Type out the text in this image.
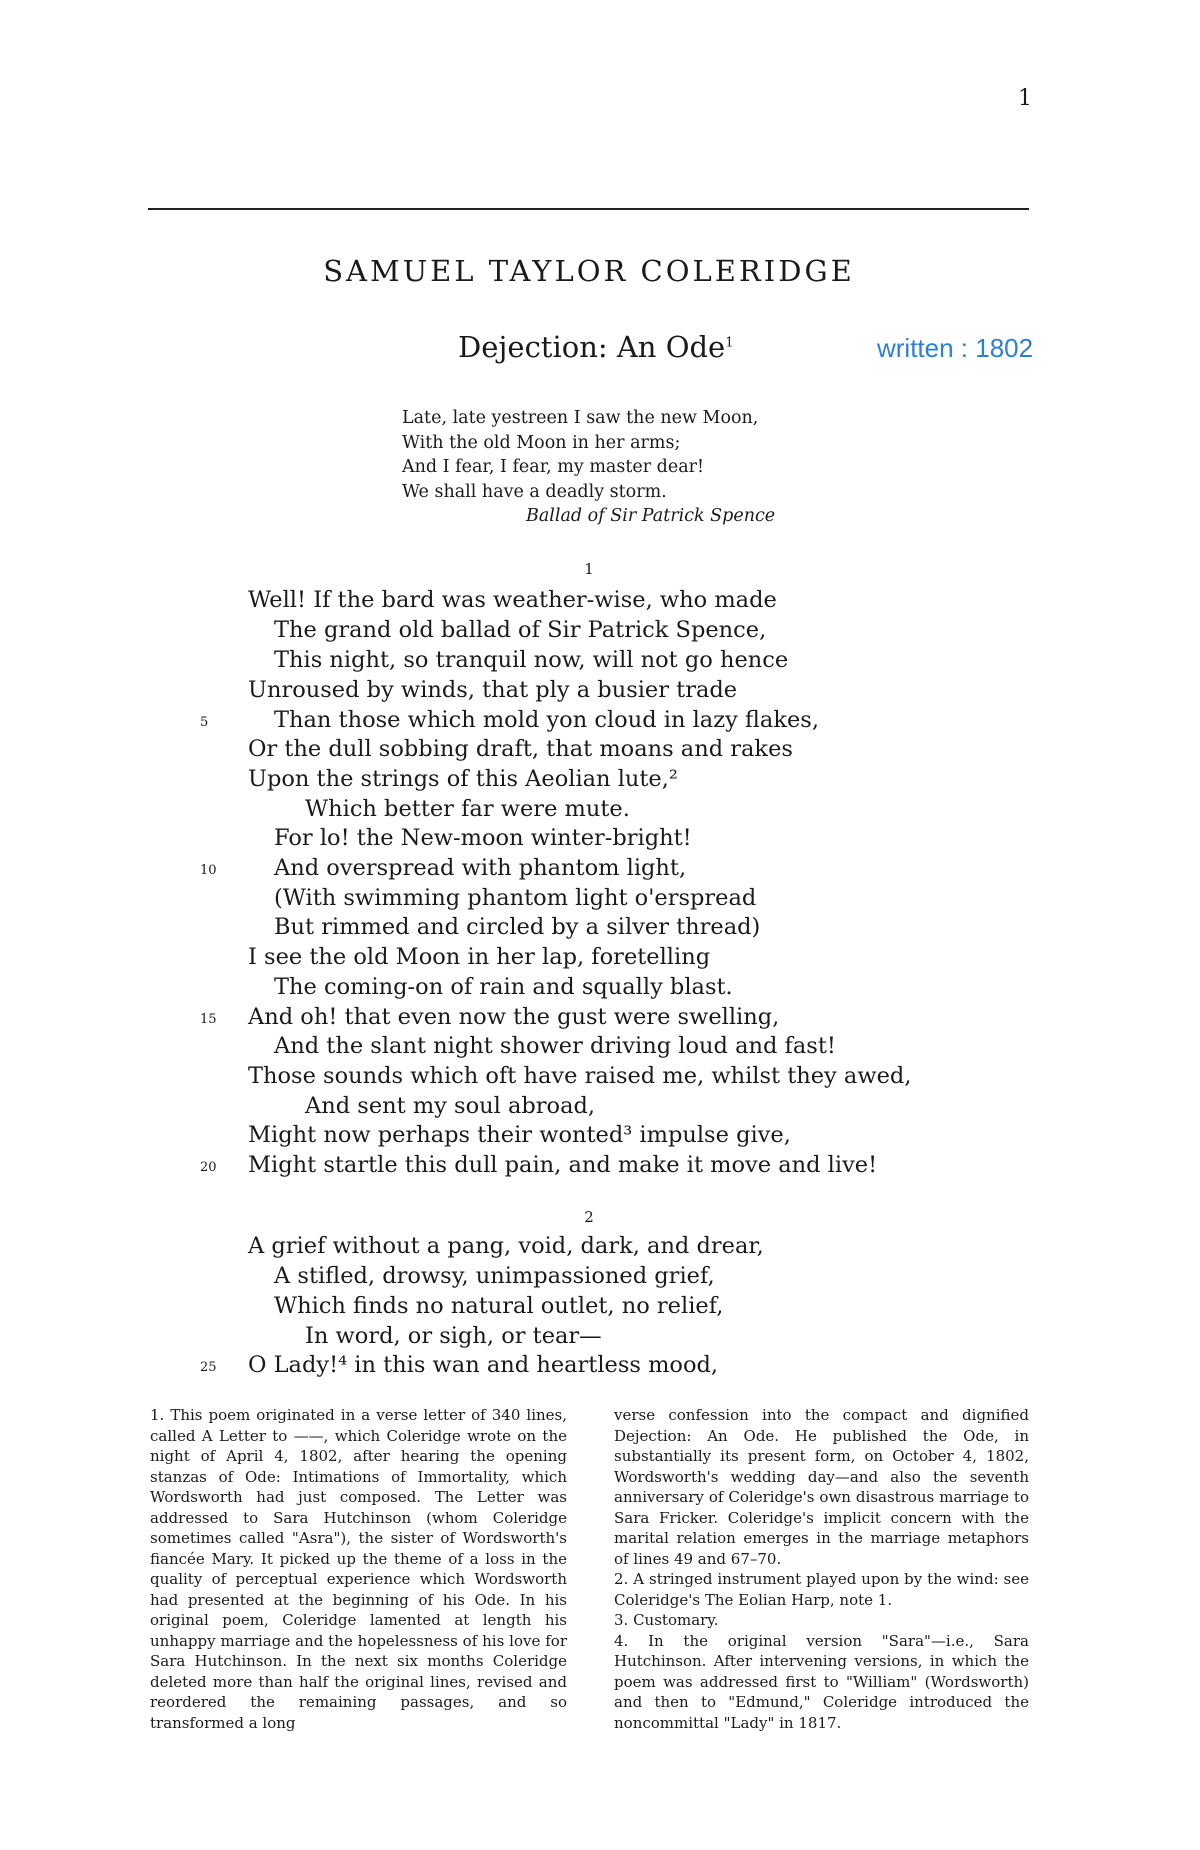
1
SAMUEL TAYLOR COLERIDGE
Dejection: An Ode$^1$	written : 1802
Late, late yestreen I saw the new Moon,
With the old Moon in her arms;
And I fear, I fear, my master dear!
We shall have a deadly storm.
Ballad of Sir Patrick Spence
1
Well! If the bard was weather-wise, who made
The grand old ballad of Sir Patrick Spence,
This night, so tranquil now, will not go hence
Unroused by winds, that ply a busier trade
Than those which mold yon cloud in lazy flakes,
Or the dull sobbing draft, that moans and rakes
Upon the strings of this Aeolian lute,²
Which better far were mute.
For lo! the New-moon winter-bright!
And overspread with phantom light,
(With swimming phantom light o'erspread
But rimmed and circled by a silver thread)
I see the old Moon in her lap, foretelling
The coming-on of rain and squally blast.
And oh! that even now the gust were swelling,
And the slant night shower driving loud and fast!
Those sounds which oft have raised me, whilst they awed,
And sent my soul abroad,
Might now perhaps their wonted³ impulse give,
Might startle this dull pain, and make it move and live!
2
A grief without a pang, void, dark, and drear,
A stifled, drowsy, unimpassioned grief,
Which finds no natural outlet, no relief,
In word, or sigh, or tear—
O Lady!⁴ in this wan and heartless mood,
5
10
15
20
25
1. This poem originated in a verse letter of 340 lines, called A Letter to ——, which Coleridge wrote on the night of April 4, 1802, after hearing the opening stanzas of Ode: Intimations of Immortality, which Wordsworth had just composed. The Letter was addressed to Sara Hutchinson (whom Coleridge sometimes called "Asra"), the sister of Wordsworth's fiancée Mary. It picked up the theme of a loss in the quality of perceptual experience which Wordsworth had presented at the beginning of his Ode. In his original poem, Coleridge lamented at length his unhappy marriage and the hopelessness of his love for Sara Hutchinson. In the next six months Coleridge deleted more than half the original lines, revised and reordered the remaining passages, and so transformed a long

verse confession into the compact and dignified Dejection: An Ode. He published the Ode, in substantially its present form, on October 4, 1802, Wordsworth's wedding day—and also the seventh anniversary of Coleridge's own disastrous marriage to Sara Fricker. Coleridge's implicit concern with the marital relation emerges in the marriage metaphors of lines 49 and 67–70.

2. A stringed instrument played upon by the wind: see Coleridge's The Eolian Harp, note 1.

3. Customary.

4. In the original version "Sara"—i.e., Sara Hutchinson. After intervening versions, in which the poem was addressed first to "William" (Wordsworth) and then to "Edmund," Coleridge introduced the noncommittal "Lady" in 1817.
